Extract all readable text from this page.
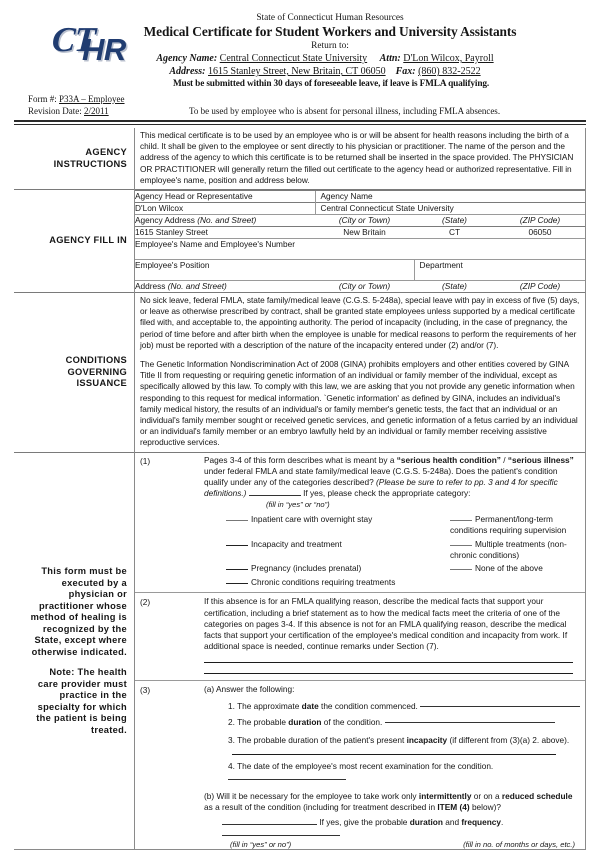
CT
HR
State of Connecticut Human Resources
Medical Certificate for Student Workers and University Assistants
Return to:
Agency Name: Central Connecticut State University Attn: D'Lon Wilcox, Payroll
Address: 1615 Stanley Street, New Britain, CT 06050 Fax: (860) 832-2522
Must be submitted within 30 days of foreseeable leave, if leave is FMLA qualifying.
Form #: P33A – Employee
Revision Date: 2/2011	To be used by employee who is absent for personal illness, including FMLA absences.
AGENCY
INSTRUCTIONS

This medical certificate is to be used by an employee who is or will be absent for health reasons including the birth of a child. It shall be given to the employee or sent directly to his physician or practitioner. The name of the person and the address of the agency to which this certificate is to be returned shall be inserted in the space provided. The PHYSICIAN OR PRACTITIONER will generally return the filled out certificate to the agency head or authorized representative. Fill in employee's name, position and address below.

AGENCY FILL IN

Agency Head or Representative	Agency Name
D'Lon Wilcox	Central Connecticut State University
Agency Address (No. and Street)	(City or Town)	(State)	(ZIP Code)
1615 Stanley Street	New Britain	CT	06050
Employee's Name and Employee's Number
Employee's Position	Department
Address (No. and Street)	(City or Town)	(State)	(ZIP Code)

CONDITIONS
GOVERNING
ISSUANCE

No sick leave, federal FMLA, state family/medical leave (C.G.S. 5-248a), special leave with pay in excess of five (5) days, or leave as otherwise prescribed by contract, shall be granted state employees unless supported by a medical certificate filed with, and acceptable to, the appointing authority. The period of incapacity (including, in the case of pregnancy, the period of time before and after birth when the employee is unable for medical reasons to perform the requirements of her job) must be reported with a description of the nature of the incapacity entered under (2) and/or (7).
The Genetic Information Nondiscrimination Act of 2008 (GINA) prohibits employers and other entities covered by GINA Title II from requesting or requiring genetic information of an individual or family member of the individual, except as specifically allowed by this law. To comply with this law, we are asking that you not provide any genetic information when responding to this request for medical information. `Genetic information' as defined by GINA, includes an individual's family medical history, the results of an individual's or family member's genetic tests, the fact that an individual or an individual's family member sought or received genetic services, and genetic information of a fetus carried by an individual or an individual's family member or an embryo lawfully held by an individual or family member receiving assistive reproductive services.

This form must be
executed by a
physician or
practitioner whose
method of healing is
recognized by the
State, except where
otherwise indicated.
Note: The health
care provider must
practice in the
specialty for which
the patient is being
treated.

(1)	Pages 3-4 of this form describes what is meant by a “serious health condition” / “serious illness” under federal FMLA and state family/medical leave (C.G.S. 5-248a). Does the patient's condition qualify under any of the categories described? (Please be sure to refer to pp. 3 and 4 for specific definitions.)	If yes, please check the appropriate category:
(fill in “yes” or “no”)
Inpatient care with overnight stay	Permanent/long-term conditions requiring supervision
Incapacity and treatment	Multiple treatments (non-chronic conditions)
Pregnancy (includes prenatal)	None of the above
Chronic conditions requiring treatments
(2)	If this absence is for an FMLA qualifying reason, describe the medical facts that support your certification, including a brief statement as to how the medical facts meet the criteria of one of the categories on pages 3-4. If this absence is not for an FMLA qualifying reason, describe the medical facts that support your certification of the employee's medical condition and incapacity from work. If additional space is needed, continue remarks under Section (7).
(3)	(a) Answer the following:
1. The approximate date the condition commenced.
2. The probable duration of the condition.
3. The probable duration of the patient's present incapacity (if different from (3)(a) 2. above).
4. The date of the employee's most recent examination for the condition.
(b) Will it be necessary for the employee to take work only intermittently or on a reduced schedule as a result of the condition (including for treatment described in ITEM (4) below)?
If yes, give the probable duration and frequency.
(fill in “yes” or no”)	(fill in no. of months or days, etc.)
